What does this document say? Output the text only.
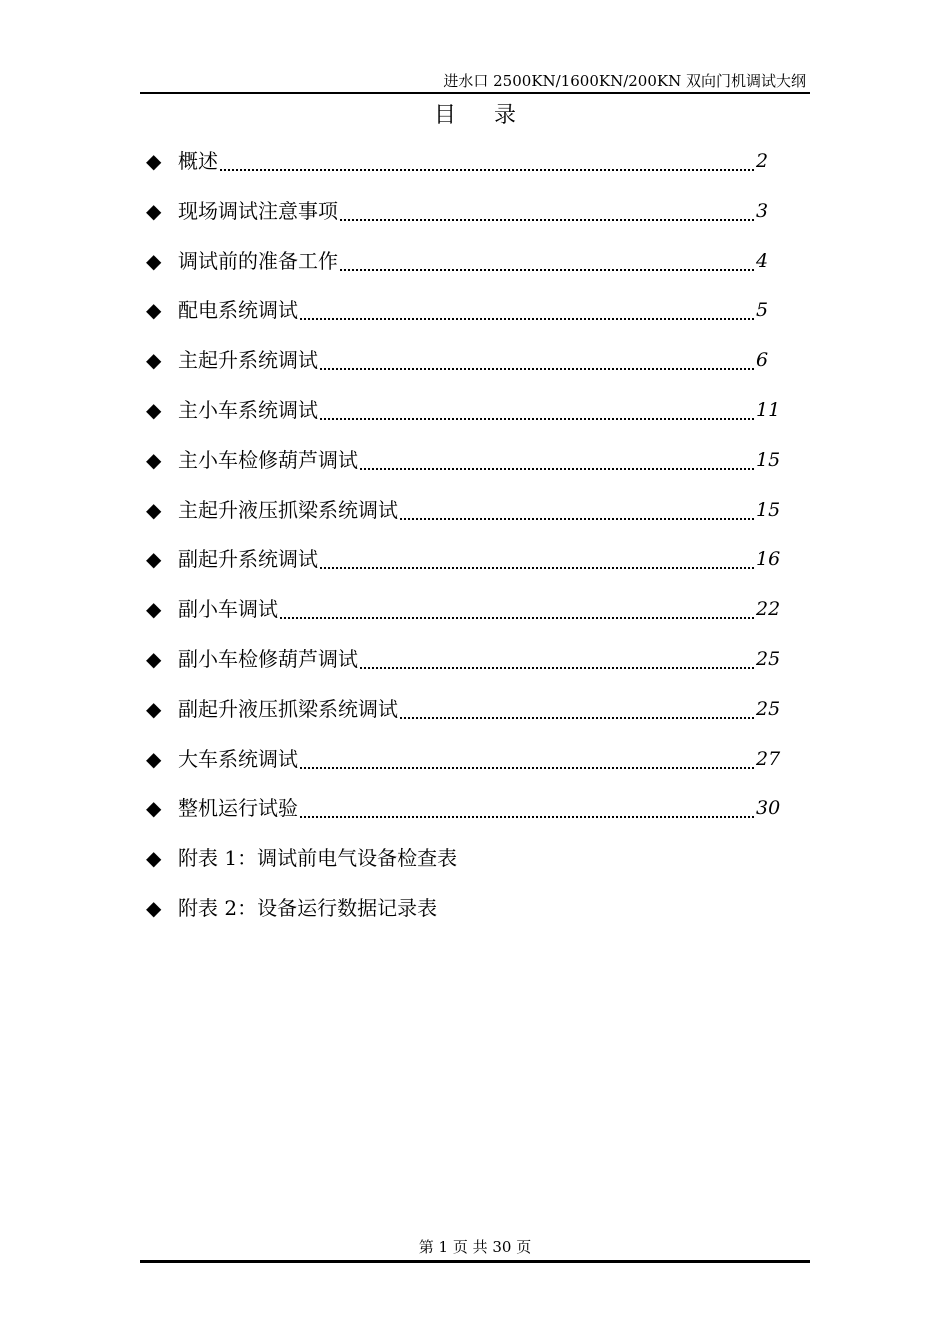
进水口 2500KN/1600KN/200KN 双向门机调试大纲
目录
◆ 概述	2
◆ 现场调试注意事项	3
◆ 调试前的准备工作	4
◆ 配电系统调试	5
◆ 主起升系统调试	6
◆ 主小车系统调试	11
◆ 主小车检修葫芦调试	15
◆ 主起升液压抓梁系统调试	15
◆ 副起升系统调试	16
◆ 副小车调试	22
◆ 副小车检修葫芦调试	25
◆ 副起升液压抓梁系统调试	25
◆ 大车系统调试	27
◆ 整机运行试验	30
◆ 附表 1：调试前电气设备检查表
◆ 附表 2：设备运行数据记录表
第 1 页 共 30 页
